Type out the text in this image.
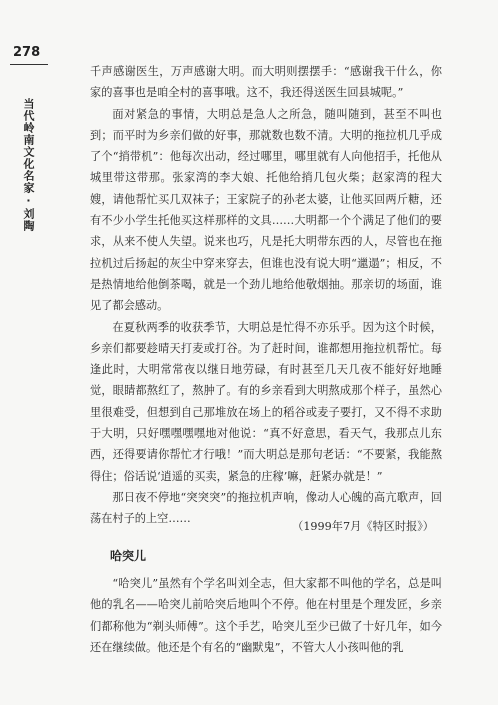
278
当代岭南文化名家·刘陶

千声感谢医生，万声感谢大明。而大明则摆摆手：“感谢我干什么，你家的喜事也是咱全村的喜事哦。这不，我还得送医生回县城呢。”

面对紧急的事情，大明总是急人之所急，随叫随到，甚至不叫也到；而平时为乡亲们做的好事，那就数也数不清。大明的拖拉机几乎成了个“捎带机”：他每次出动，经过哪里，哪里就有人向他招手，托他从城里带这带那。张家湾的李大娘、托他给捎几包火柴；赵家湾的程大嫂，请他帮忙买几双袜子；王家院子的孙老太婆，让他买回两斤糖，还有不少小学生托他买这样那样的文具……大明都一个个满足了他们的要求，从来不使人失望。说来也巧，凡是托大明带东西的人，尽管也在拖拉机过后扬起的灰尘中穿来穿去，但谁也没有说大明“邋遢”；相反，不是热情地给他倒茶喝，就是一个劲儿地给他敬烟抽。那亲切的场面，谁见了都会感动。

在夏秋两季的收获季节，大明总是忙得不亦乐乎。因为这个时候，乡亲们都要趁晴天打麦或打谷。为了赶时间，谁都想用拖拉机帮忙。每逢此时，大明常常夜以继日地劳碌，有时甚至几天几夜不能好好地睡觉，眼睛都熬红了，熬肿了。有的乡亲看到大明熬成那个样子，虽然心里很难受，但想到自己那堆放在场上的稻谷或麦子要打，又不得不求助于大明，只好嘿嘿嘿嘿地对他说：“真不好意思，看天气，我那点儿东西，还得要请你帮忙才行哦！”而大明总是那句老话：“不要紧，我能熬得住；俗话说‘逍遥的买卖，紧急的庄稼’嘛，赶紧办就是！”

那日夜不停地“突突突”的拖拉机声响，像动人心魄的高亢歌声，回荡在村子的上空……

（1999年7月《特区时报》）
哈突儿

“哈突儿”虽然有个学名叫刘全志，但大家都不叫他的学名，总是叫他的乳名——哈突儿前哈突后地叫个不停。他在村里是个理发匠，乡亲们都称他为“剃头师傅”。这个手艺，哈突儿至少已做了十好几年，如今还在继续做。他还是个有名的“幽默鬼”，不管大人小孩叫他的乳
